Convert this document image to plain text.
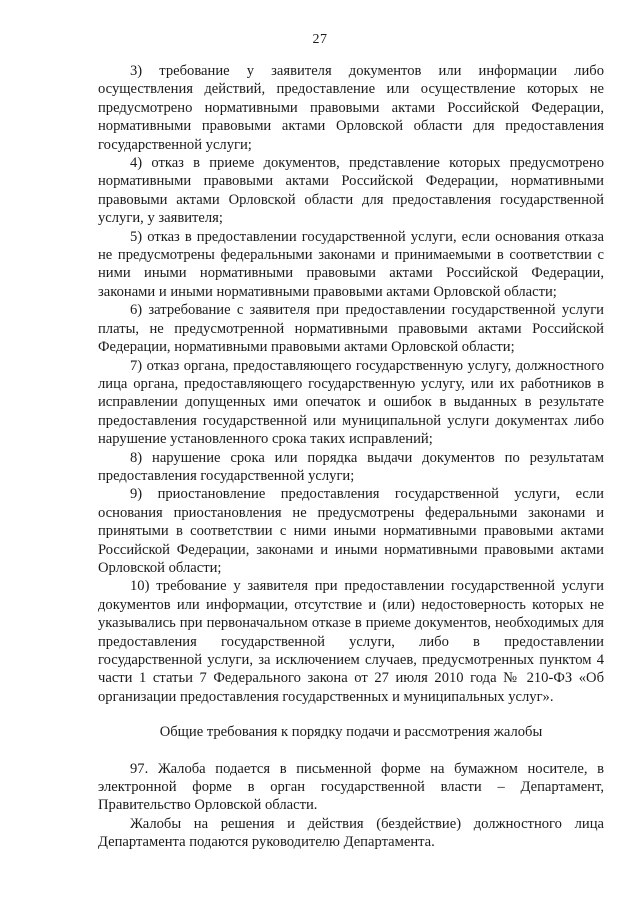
27

3) требование у заявителя документов или информации либо осуществления действий, предоставление или осуществление которых не предусмотрено нормативными правовыми актами Российской Федерации, нормативными правовыми актами Орловской области для предоставления государственной услуги;

4) отказ в приеме документов, представление которых предусмотрено нормативными правовыми актами Российской Федерации, нормативными правовыми актами Орловской области для предоставления государственной услуги, у заявителя;

5) отказ в предоставлении государственной услуги, если основания отказа не предусмотрены федеральными законами и принимаемыми в соответствии с ними иными нормативными правовыми актами Российской Федерации, законами и иными нормативными правовыми актами Орловской области;

6) затребование с заявителя при предоставлении государственной услуги платы, не предусмотренной нормативными правовыми актами Российской Федерации, нормативными правовыми актами Орловской области;

7) отказ органа, предоставляющего государственную услугу, должностного лица органа, предоставляющего государственную услугу, или их работников в исправлении допущенных ими опечаток и ошибок в выданных в результате предоставления государственной или муниципальной услуги документах либо нарушение установленного срока таких исправлений;

8) нарушение срока или порядка выдачи документов по результатам предоставления государственной услуги;

9) приостановление предоставления государственной услуги, если основания приостановления не предусмотрены федеральными законами и принятыми в соответствии с ними иными нормативными правовыми актами Российской Федерации, законами и иными нормативными правовыми актами Орловской области;

10) требование у заявителя при предоставлении государственной услуги документов или информации, отсутствие и (или) недостоверность которых не указывались при первоначальном отказе в приеме документов, необходимых для предоставления государственной услуги, либо в предоставлении государственной услуги, за исключением случаев, предусмотренных пунктом 4 части 1 статьи 7 Федерального закона от 27 июля 2010 года № 210-ФЗ «Об организации предоставления государственных и муниципальных услуг».

Общие требования к порядку подачи и рассмотрения жалобы

97. Жалоба подается в письменной форме на бумажном носителе, в электронной форме в орган государственной власти – Департамент, Правительство Орловской области.

Жалобы на решения и действия (бездействие) должностного лица Департамента подаются руководителю Департамента.
